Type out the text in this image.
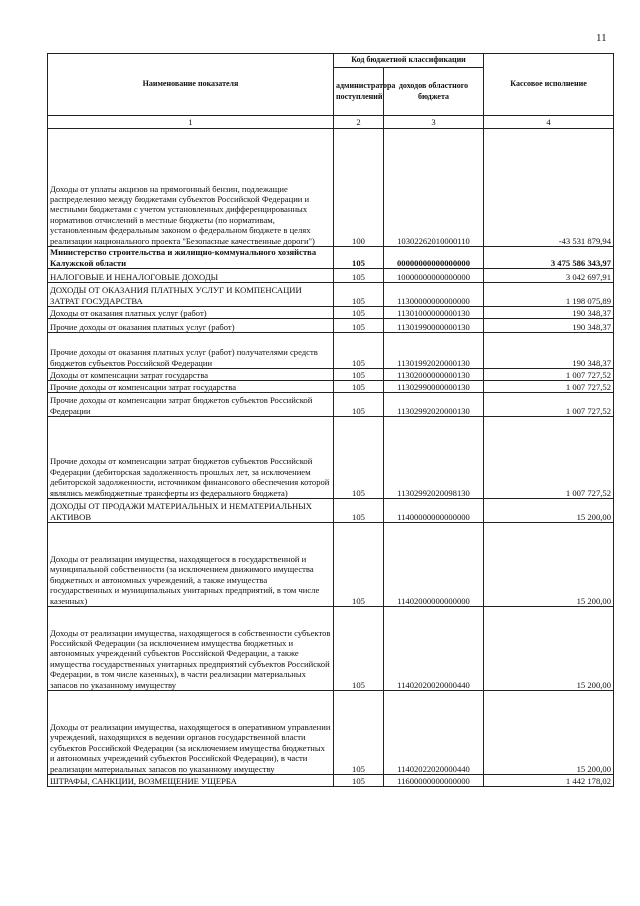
11
Наименование показателя	Код бюджетной классификации		Кассовое исполнение
	администратора поступлений	доходов областного бюджета	
1	2	3	4
Доходы от уплаты акцизов на прямогонный бензин, подлежащие распределению между бюджетами субъектов Российской Федерации и местными бюджетами с учетом установленных дифференцированных нормативов отчислений в местные бюджеты (по нормативам, установленным федеральным законом о федеральном бюджете в целях реализации национального проекта "Безопасные качественные дороги")	100	10302262010000110	-43 531 879,94
Министерство строительства и жилищно-коммунального хозяйства Калужской области	105	00000000000000000	3 475 586 343,97
НАЛОГОВЫЕ И НЕНАЛОГОВЫЕ ДОХОДЫ	105	10000000000000000	3 042 697,91
ДОХОДЫ ОТ ОКАЗАНИЯ ПЛАТНЫХ УСЛУГ И КОМПЕНСАЦИИ ЗАТРАТ ГОСУДАРСТВА	105	11300000000000000	1 198 075,89
Доходы от оказания платных услуг (работ)	105	11301000000000130	190 348,37
Прочие доходы от оказания платных услуг (работ)	105	11301990000000130	190 348,37
Прочие доходы от оказания платных услуг (работ) получателями средств бюджетов субъектов Российской Федерации	105	11301992020000130	190 348,37
Доходы от компенсации затрат государства	105	11302000000000130	1 007 727,52
Прочие доходы от компенсации затрат государства	105	11302990000000130	1 007 727,52
Прочие доходы от компенсации затрат бюджетов субъектов Российской Федерации	105	11302992020000130	1 007 727,52
Прочие доходы от компенсации затрат бюджетов субъектов Российской Федерации (дебиторская задолженность прошлых лет, за исключением дебиторской задолженности, источником финансового обеспечения которой являлись межбюджетные трансферты из федерального бюджета)	105	11302992020098130	1 007 727,52
ДОХОДЫ ОТ ПРОДАЖИ МАТЕРИАЛЬНЫХ И НЕМАТЕРИАЛЬНЫХ АКТИВОВ	105	11400000000000000	15 200,00
Доходы от реализации имущества, находящегося в государственной и муниципальной собственности (за исключением движимого имущества бюджетных и автономных учреждений, а также имущества государственных и муниципальных унитарных предприятий, в том числе казенных)	105	11402000000000000	15 200,00
Доходы от реализации имущества, находящегося в собственности субъектов Российской Федерации (за исключением имущества бюджетных и автономных учреждений субъектов Российской Федерации, а также имущества государственных унитарных предприятий субъектов Российской Федерации, в том числе казенных), в части реализации материальных запасов по указанному имуществу	105	11402020020000440	15 200,00
Доходы от реализации имущества, находящегося в оперативном управлении учреждений, находящихся в ведении органов государственной власти субъектов Российской Федерации (за исключением имущества бюджетных и автономных учреждений субъектов Российской Федерации), в части реализации материальных запасов по указанному имуществу	105	11402022020000440	15 200,00
ШТРАФЫ, САНКЦИИ, ВОЗМЕЩЕНИЕ УЩЕРБА	105	11600000000000000	1 442 178,02
